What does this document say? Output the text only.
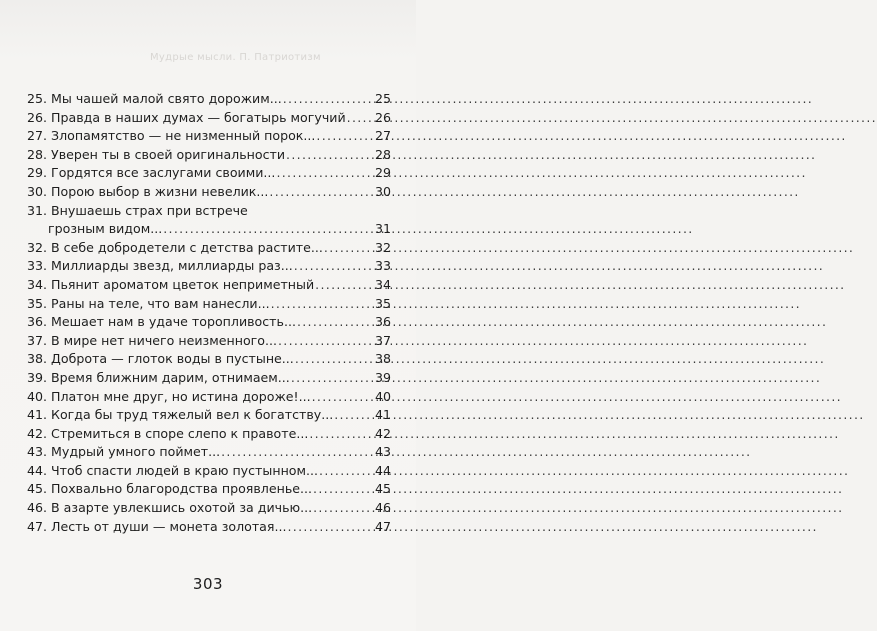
Мудрые мысли. П. Патриотизм
25. Мы чашей малой свято дорожим... .....	25
26. Правда в наших думах — богатырь могучий ..... 26
27. Злопамятство — не низменный порок... .....	27
28. Уверен ты в своей оригинальности .....	28
29. Гордятся все заслугами своими... .....	29
30. Порою выбор в жизни невелик... .....	30
31. Внушаешь страх при встрече
грозным видом... .....	31
32. В себе добродетели с детства растите... .....	32
33. Миллиарды звезд, миллиарды раз... .....	33
34. Пьянит ароматом цветок неприметный .....	34
35. Раны на теле, что вам нанесли... .....	35
36. Мешает нам в удаче торопливость... .....	36
37. В мире нет ничего неизменного... .....	37
38. Доброта — глоток воды в пустыне... .....	38
39. Время ближним дарим, отнимаем... .....	39
40. Платон мне друг, но истина дороже!... .....	40
41. Когда бы труд тяжелый вел к богатству... .....	41
42. Стремиться в споре слепо к правоте... .....	42
43. Мудрый умного поймет... .....	43
44. Чтоб спасти людей в краю пустынном... .....	44
45. Похвально благородства проявленье... .....	45
46. В азарте увлекшись охотой за дичью... .....	46
47. Лесть от души — монета золотая... .....	47
303
